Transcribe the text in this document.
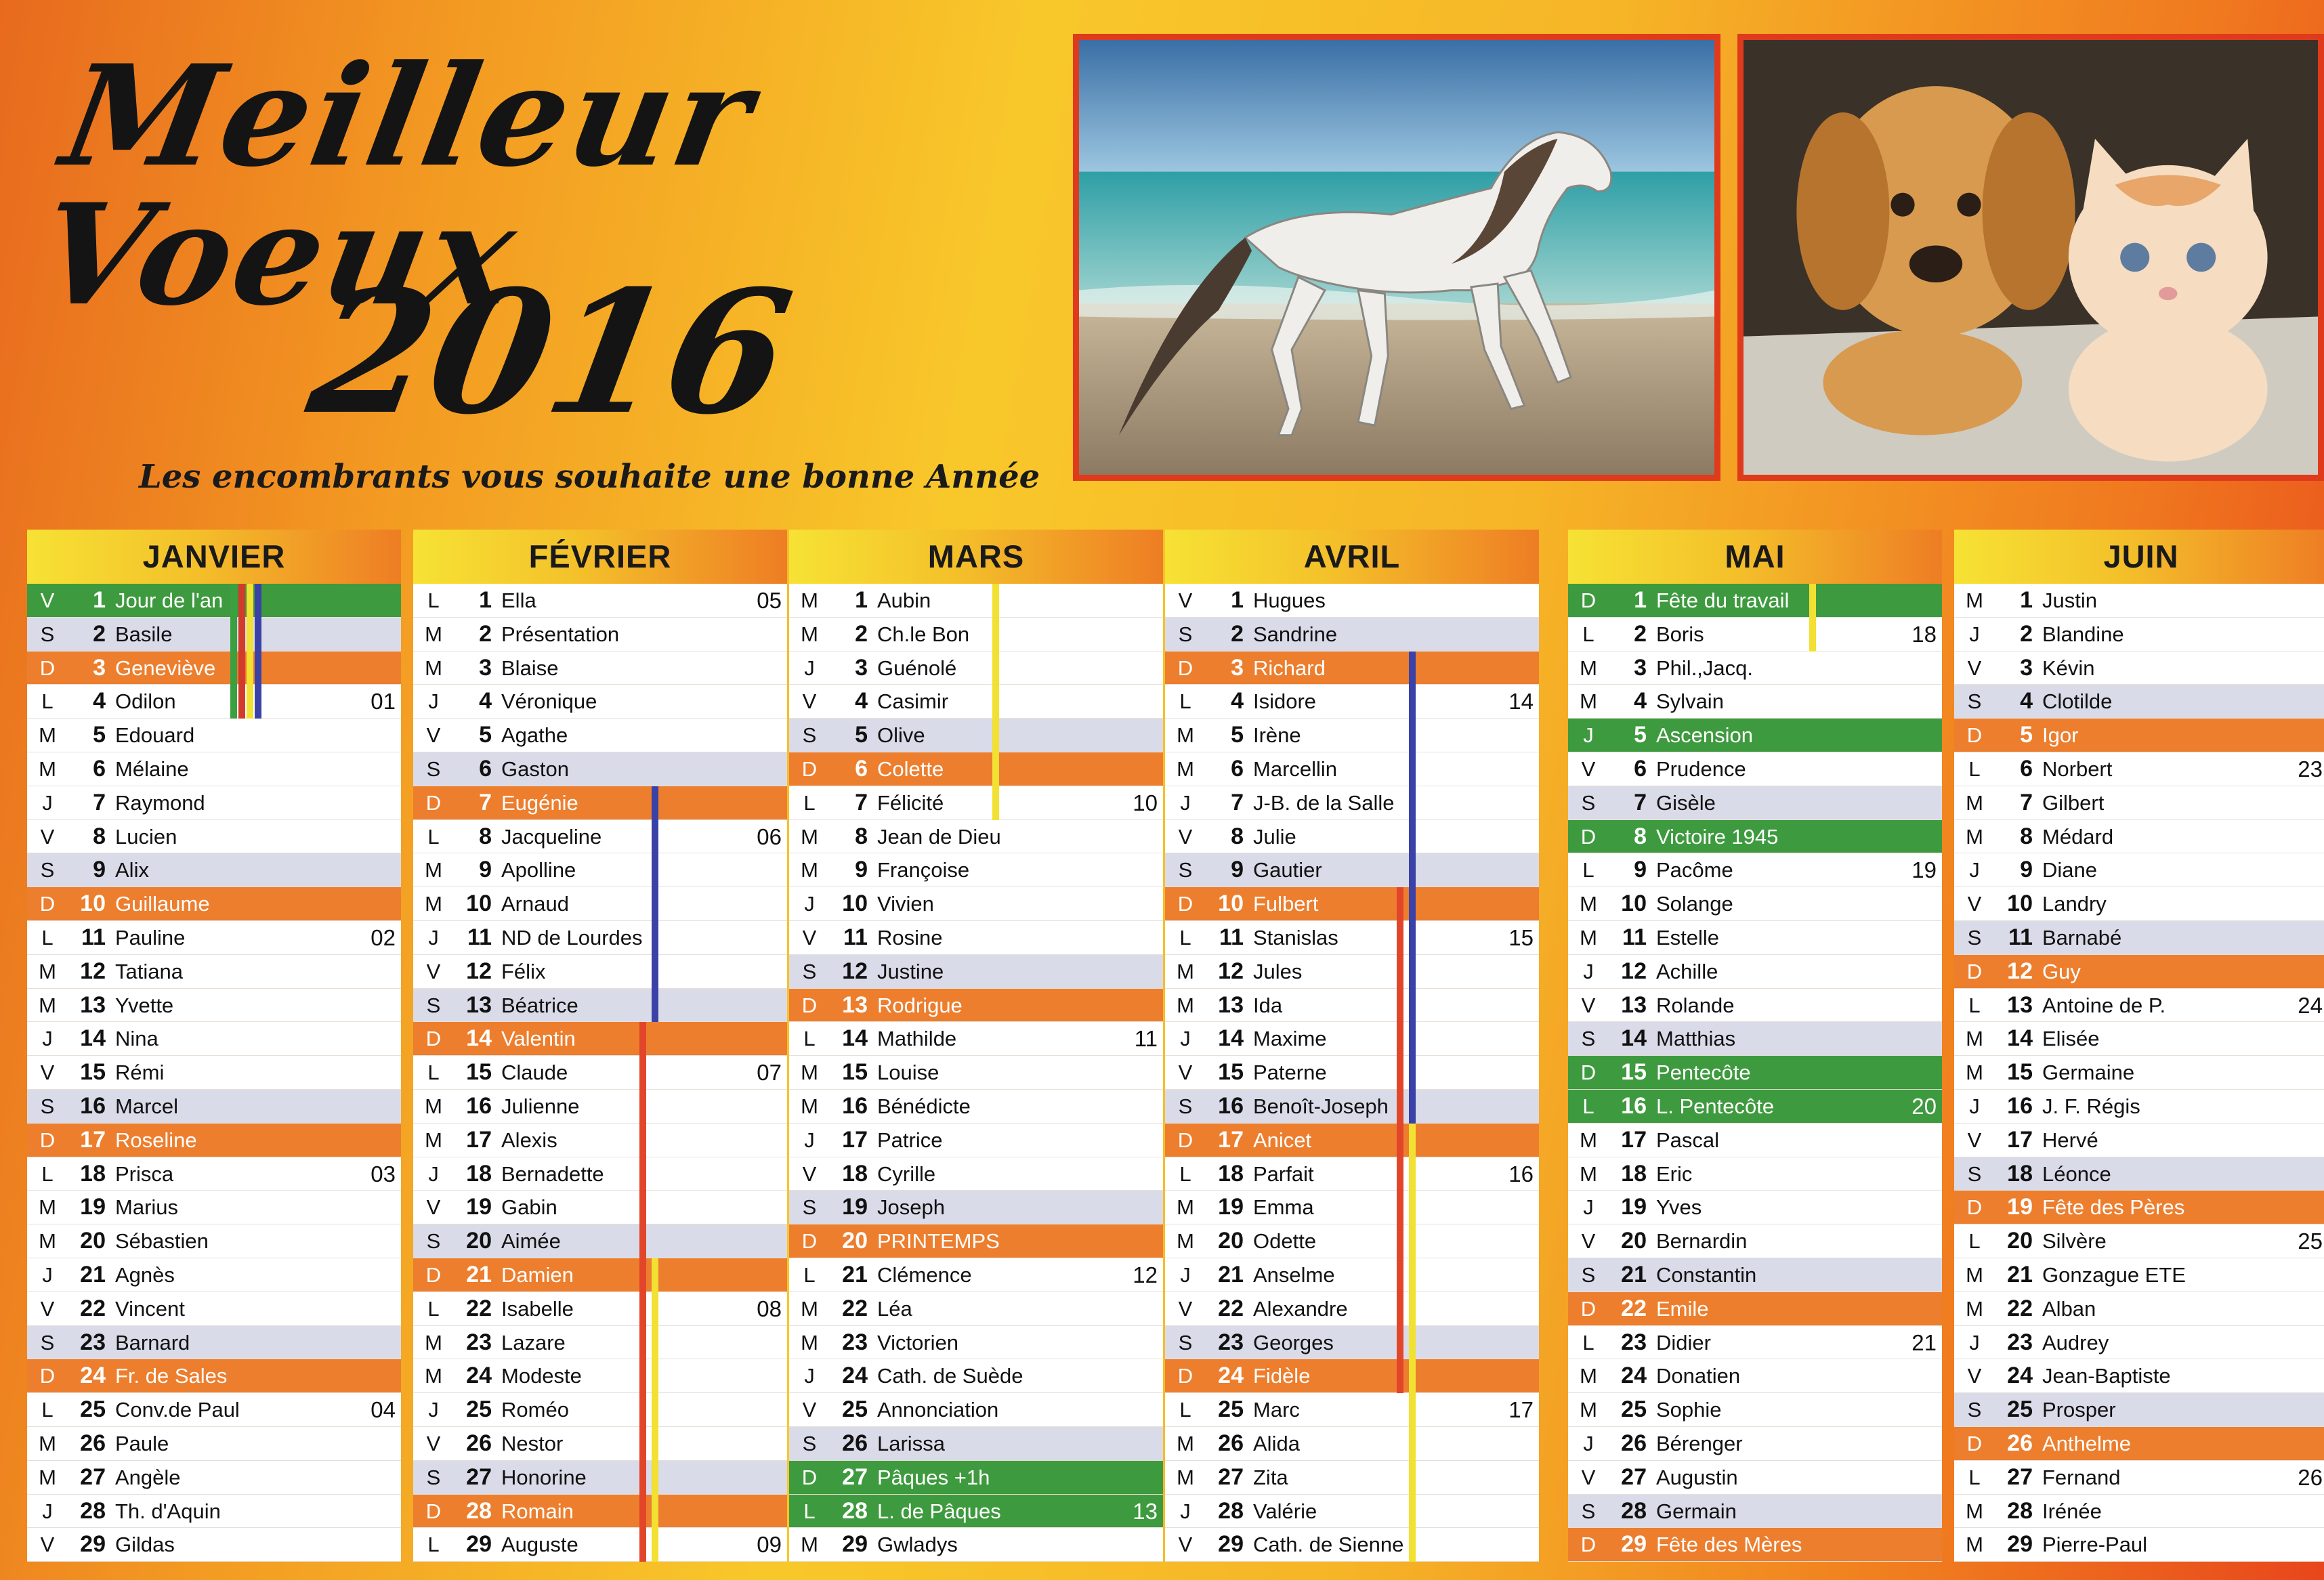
Meilleur Voeux
2016
Les encombrants vous souhaite une bonne Année
JANVIER
V	1 Jour de l'an
S	2 Basile
D	3 Geneviève
L	4 Odilon	01
M	5 Edouard
M	6 Mélaine
J	7 Raymond
V	8 Lucien
S	9 Alix
D	10 Guillaume
L	11 Pauline	02
M	12 Tatiana
M	13 Yvette
J	14 Nina
V	15 Rémi
S	16 Marcel
D	17 Roseline
L	18 Prisca	03
M	19 Marius
M	20 Sébastien
J	21 Agnès
V	22 Vincent
S	23 Barnard
D	24 Fr. de Sales
L	25 Conv.de Paul	04
M	26 Paule
M	27 Angèle
J	28 Th. d'Aquin
V	29 Gildas
FÉVRIER
L	1 Ella	05
M	2 Présentation
M	3 Blaise
J	4 Véronique
V	5 Agathe
S	6 Gaston
D	7 Eugénie
L	8 Jacqueline	06
M	9 Apolline
M	10 Arnaud
J	11 ND de Lourdes
V	12 Félix
S	13 Béatrice
D	14 Valentin
L	15 Claude	07
M	16 Julienne
M	17 Alexis
J	18 Bernadette
V	19 Gabin
S	20 Aimée
D	21 Damien
L	22 Isabelle	08
M	23 Lazare
M	24 Modeste
J	25 Roméo
V	26 Nestor
S	27 Honorine
D	28 Romain
L	29 Auguste	09
MARS
M	1 Aubin
M	2 Ch.le Bon
J	3 Guénolé
V	4 Casimir
S	5 Olive
D	6 Colette
L	7 Félicité	10
M	8 Jean de Dieu
M	9 Françoise
J	10 Vivien
V	11 Rosine
S	12 Justine
D	13 Rodrigue
L	14 Mathilde	11
M	15 Louise
M	16 Bénédicte
J	17 Patrice
V	18 Cyrille
S	19 Joseph
D	20 PRINTEMPS
L	21 Clémence	12
M	22 Léa
M	23 Victorien
J	24 Cath. de Suède
V	25 Annonciation
S	26 Larissa
D	27 Pâques +1h
L	28 L. de Pâques	13
M	29 Gwladys
AVRIL
V	1 Hugues
S	2 Sandrine
D	3 Richard
L	4 Isidore	14
M	5 Irène
M	6 Marcellin
J	7 J-B. de la Salle
V	8 Julie
S	9 Gautier
D	10 Fulbert
L	11 Stanislas	15
M	12 Jules
M	13 Ida
J	14 Maxime
V	15 Paterne
S	16 Benoît-Joseph
D	17 Anicet
L	18 Parfait	16
M	19 Emma
M	20 Odette
J	21 Anselme
V	22 Alexandre
S	23 Georges
D	24 Fidèle
L	25 Marc	17
M	26 Alida
M	27 Zita
J	28 Valérie
V	29 Cath. de Sienne
MAI
D	1 Fête du travail
L	2 Boris	18
M	3 Phil.,Jacq.
M	4 Sylvain
J	5 Ascension
V	6 Prudence
S	7 Gisèle
D	8 Victoire 1945
L	9 Pacôme	19
M	10 Solange
M	11 Estelle
J	12 Achille
V	13 Rolande
S	14 Matthias
D	15 Pentecôte
L	16 L. Pentecôte	20
M	17 Pascal
M	18 Eric
J	19 Yves
V	20 Bernardin
S	21 Constantin
D	22 Emile
L	23 Didier	21
M	24 Donatien
M	25 Sophie
J	26 Bérenger
V	27 Augustin
S	28 Germain
D	29 Fête des Mères
JUIN
M	1 Justin
J	2 Blandine
V	3 Kévin
S	4 Clotilde
D	5 Igor
L	6 Norbert	23
M	7 Gilbert
M	8 Médard
J	9 Diane
V	10 Landry
S	11 Barnabé
D	12 Guy
L	13 Antoine de P.	24
M	14 Elisée
M	15 Germaine
J	16 J. F. Régis
V	17 Hervé
S	18 Léonce
D	19 Fête des Pères
L	20 Silvère	25
M	21 Gonzague ETE
M	22 Alban
J	23 Audrey
V	24 Jean-Baptiste
S	25 Prosper
D	26 Anthelme
L	27 Fernand	26
M	28 Irénée
M	29 Pierre-Paul
